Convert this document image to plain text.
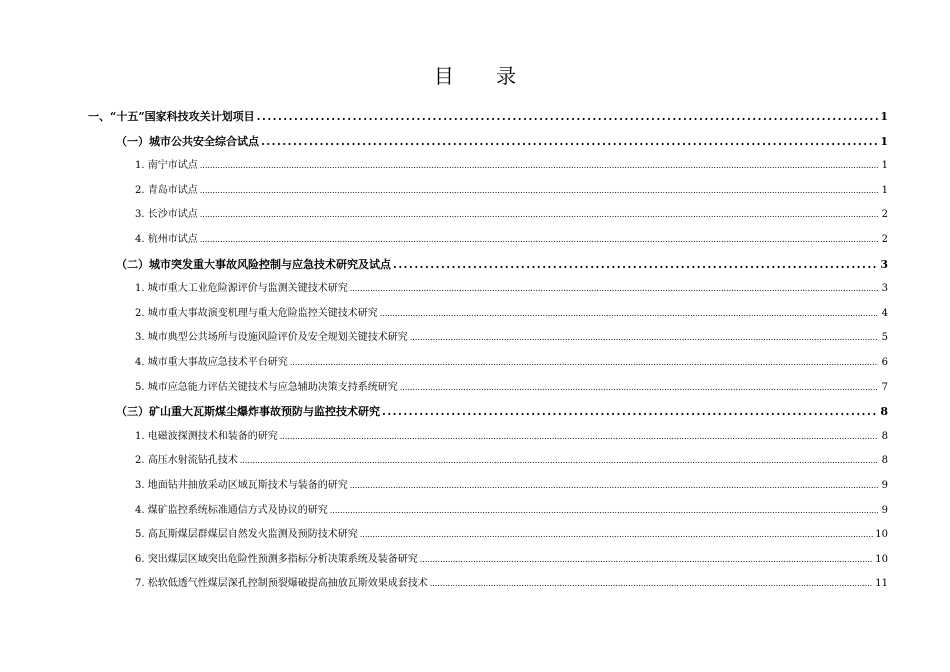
目 录
一、“十五”国家科技攻关计划项目 .....	1
（一）城市公共安全综合试点 .....	1
1. 南宁市试点 .....	1
2. 青岛市试点 .....	1
3. 长沙市试点 .....	2
4. 杭州市试点 .....	2
（二）城市突发重大事故风险控制与应急技术研究及试点 .....	3
1. 城市重大工业危险源评价与监测关键技术研究 .....	3
2. 城市重大事故演变机理与重大危险监控关键技术研究 .....	4
3. 城市典型公共场所与设施风险评价及安全规划关键技术研究 .....	5
4. 城市重大事故应急技术平台研究 .....	6
5. 城市应急能力评估关键技术与应急辅助决策支持系统研究 .....	7
（三）矿山重大瓦斯煤尘爆炸事故预防与监控技术研究 .....	8
1. 电磁波探测技术和装备的研究 .....	8
2. 高压水射流钻孔技术 .....	8
3. 地面钻井抽放采动区域瓦斯技术与装备的研究 .....	9
4. 煤矿监控系统标准通信方式及协议的研究 .....	9
5. 高瓦斯煤层群煤层自然发火监测及预防技术研究 .....	10
6. 突出煤层区域突出危险性预测多指标分析决策系统及装备研究 .....	10
7. 松软低透气性煤层深孔控制预裂爆破提高抽放瓦斯效果成套技术 .....	11
